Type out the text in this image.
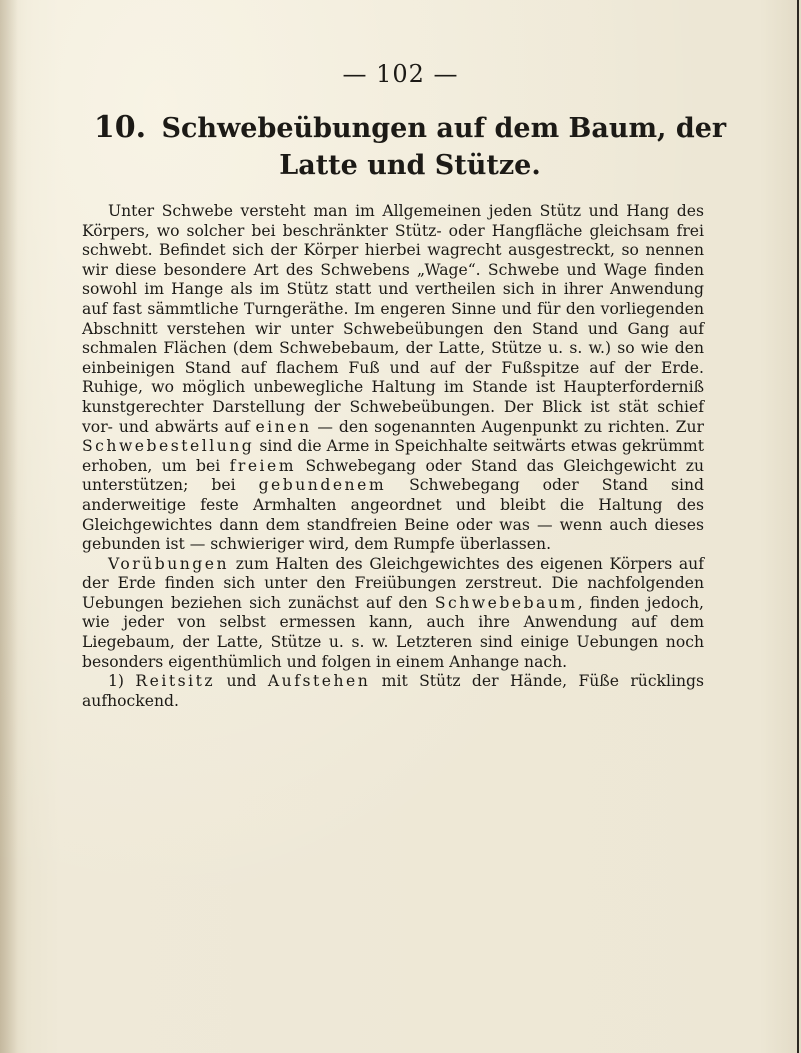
— 102 —
10. Schwebeübungen auf dem Baum, der
Latte und Stütze.

Unter Schwebe versteht man im Allgemeinen jeden Stütz und Hang des Körpers, wo solcher bei beschränkter Stütz- oder Hangfläche gleichsam frei schwebt. Befindet sich der Körper hierbei wagrecht ausgestreckt, so nennen wir diese besondere Art des Schwebens „Wage“. Schwebe und Wage finden sowohl im Hange als im Stütz statt und vertheilen sich in ihrer Anwendung auf fast sämmtliche Turngeräthe. Im engeren Sinne und für den vorliegenden Abschnitt verstehen wir unter Schwebeübungen den Stand und Gang auf schmalen Flächen (dem Schwebebaum, der Latte, Stütze u. s. w.) so wie den einbeinigen Stand auf flachem Fuß und auf der Fußspitze auf der Erde. Ruhige, wo möglich unbewegliche Haltung im Stande ist Haupterforderniß kunstgerechter Darstellung der Schwebeübungen. Der Blick ist stät schief vor- und abwärts auf einen — den sogenannten Augenpunkt zu richten. Zur Schwebestellung sind die Arme in Speichhalte seitwärts etwas gekrümmt erhoben, um bei freiem Schwebegang oder Stand das Gleichgewicht zu unterstützen; bei gebundenem Schwebegang oder Stand sind anderweitige feste Armhalten angeordnet und bleibt die Haltung des Gleichgewichtes dann dem standfreien Beine oder was — wenn auch dieses gebunden ist — schwieriger wird, dem Rumpfe überlassen.

Vorübungen zum Halten des Gleichgewichtes des eigenen Körpers auf der Erde finden sich unter den Freiübungen zerstreut. Die nachfolgenden Uebungen beziehen sich zunächst auf den Schwebebaum, finden jedoch, wie jeder von selbst ermessen kann, auch ihre Anwendung auf dem Liegebaum, der Latte, Stütze u. s. w. Letzteren sind einige Uebungen noch besonders eigenthümlich und folgen in einem Anhange nach.

1) Reitsitz und Aufstehen mit Stütz der Hände, Füße rücklings aufhockend.
